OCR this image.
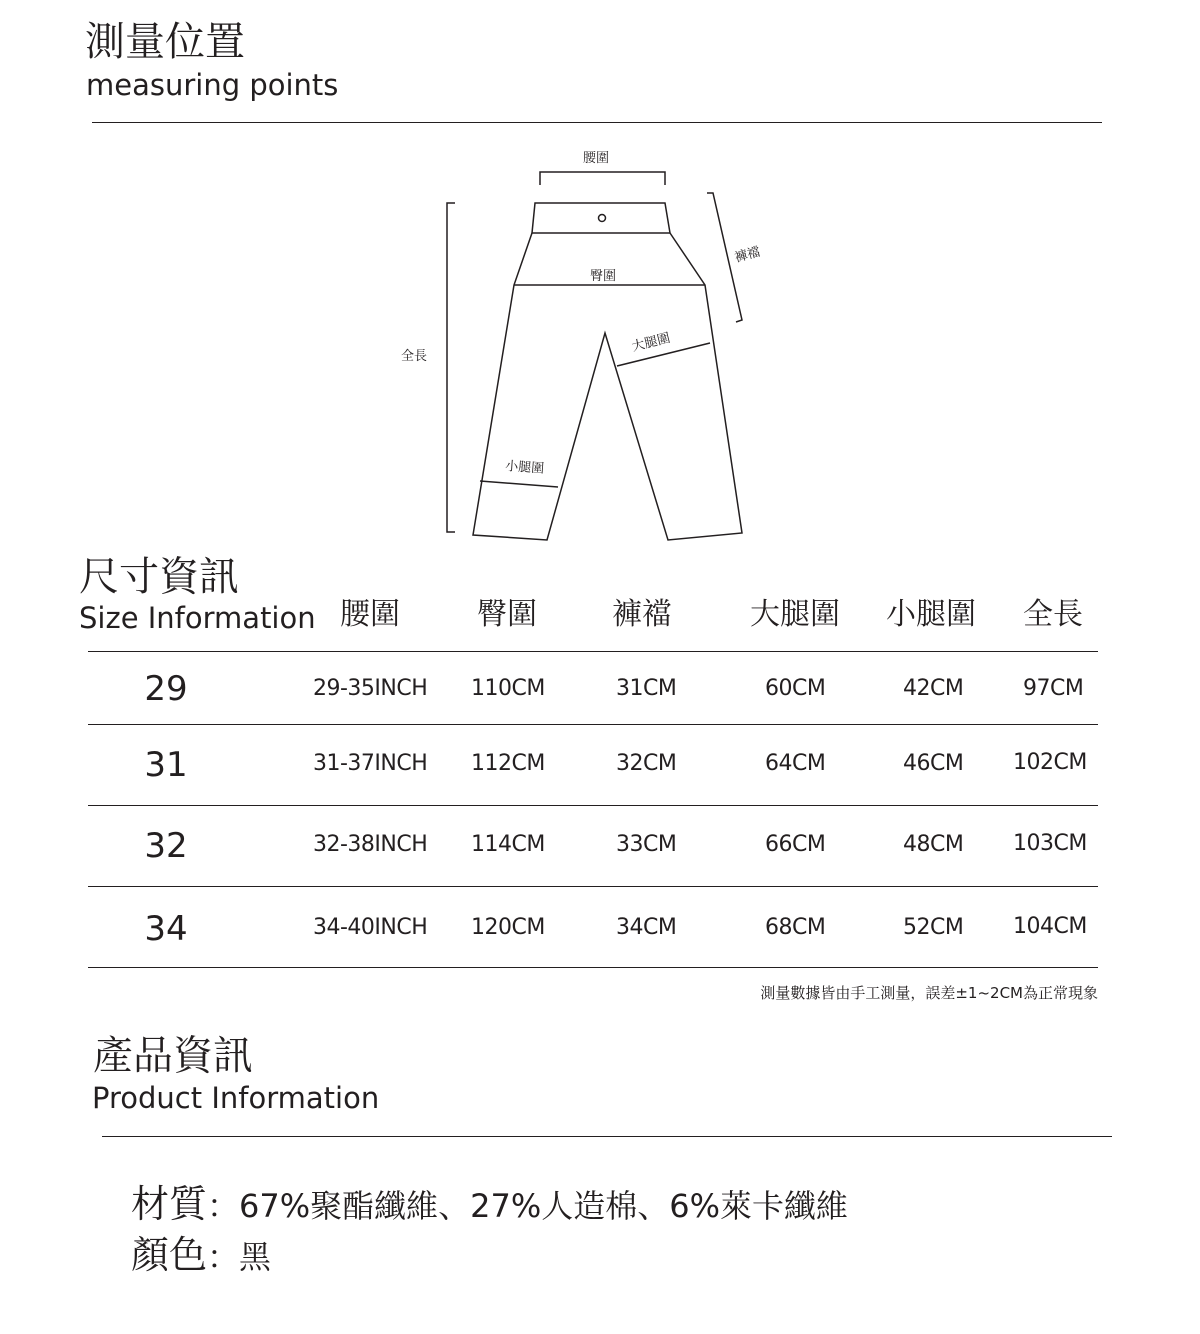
測量位置
measuring points
腰圍
臀圍
全長
褲襠
大腿圍
小腿圍
尺寸資訊
Size Information 腰圍	臀圍	褲襠	大腿圍	小腿圍	全長
29	29-35INCH 110CM	31CM	60CM	42CM	97CM
31	31-37INCH 112CM	32CM	64CM	46CM 102CM
32	32-38INCH 114CM	33CM	66CM	48CM 103CM
34	34-40INCH 120CM	34CM	68CM	52CM 104CM
測量數據皆由手工測量，誤差±1~2CM為正常現象
產品資訊
Product Information
材質：67%聚酯纖維、27%人造棉、6%萊卡纖維
顏色：黑
